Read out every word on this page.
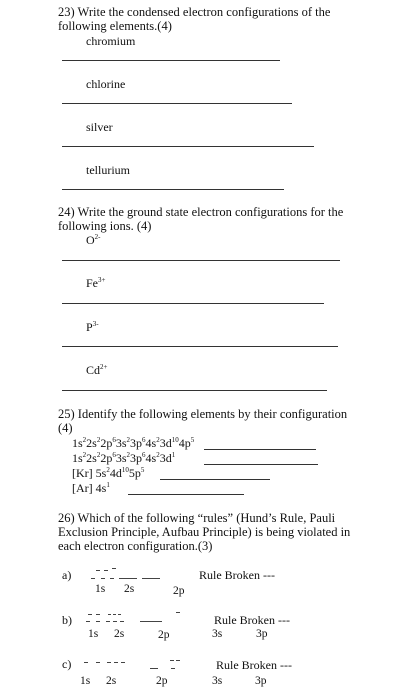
23) Write the condensed electron configurations of the following elements.(4)
chromium
chlorine
silver
tellurium
24) Write the ground state electron configurations for the following ions. (4)
$O^{2-}$
$Fe^{3+}$
$P^{3-}$
$Cd^{2+}$
25) Identify the following elements by their configuration (4)
$1s^22s^22p^63s^23p^64s^23d^{10}4p^5$
$1s^22s^22p^63s^23p^64s^23d^1$
[Kr] $5s^24d^{10}5p^5$
[Ar] $4s^1$
26) Which of the following “rules” (Hund’s Rule, Pauli Exclusion Principle, Aufbau Principle) is being violated in each electron configuration.(3)
a)
1s 2s	2p
Rule Broken ---
b)
1s 2s	2p	3s	3p
Rule Broken ---
c)
1s 2s	2p	3s	3p
Rule Broken ---
